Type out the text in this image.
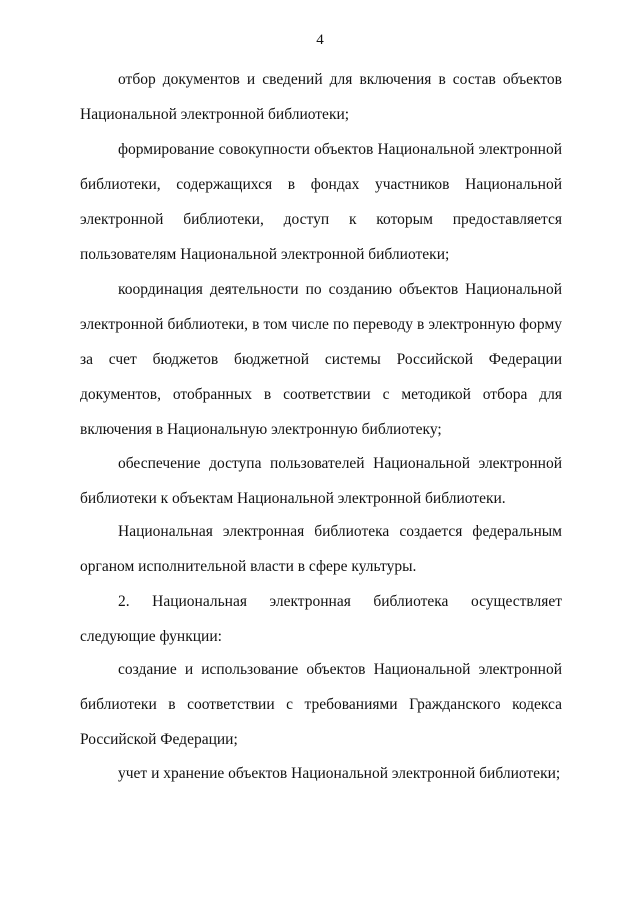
4

отбор документов и сведений для включения в состав объектов Национальной электронной библиотеки;

формирование совокупности объектов Национальной электронной библиотеки, содержащихся в фондах участников Национальной электронной библиотеки, доступ к которым предоставляется пользователям Национальной электронной библиотеки;

координация деятельности по созданию объектов Национальной электронной библиотеки, в том числе по переводу в электронную форму за счет бюджетов бюджетной системы Российской Федерации документов, отобранных в соответствии с методикой отбора для включения в Национальную электронную библиотеку;

обеспечение доступа пользователей Национальной электронной библиотеки к объектам Национальной электронной библиотеки.

Национальная электронная библиотека создается федеральным органом исполнительной власти в сфере культуры.

2. Национальная электронная библиотека осуществляет следующие функции:

создание и использование объектов Национальной электронной библиотеки в соответствии с требованиями Гражданского кодекса Российской Федерации;

учет и хранение объектов Национальной электронной библиотеки;
